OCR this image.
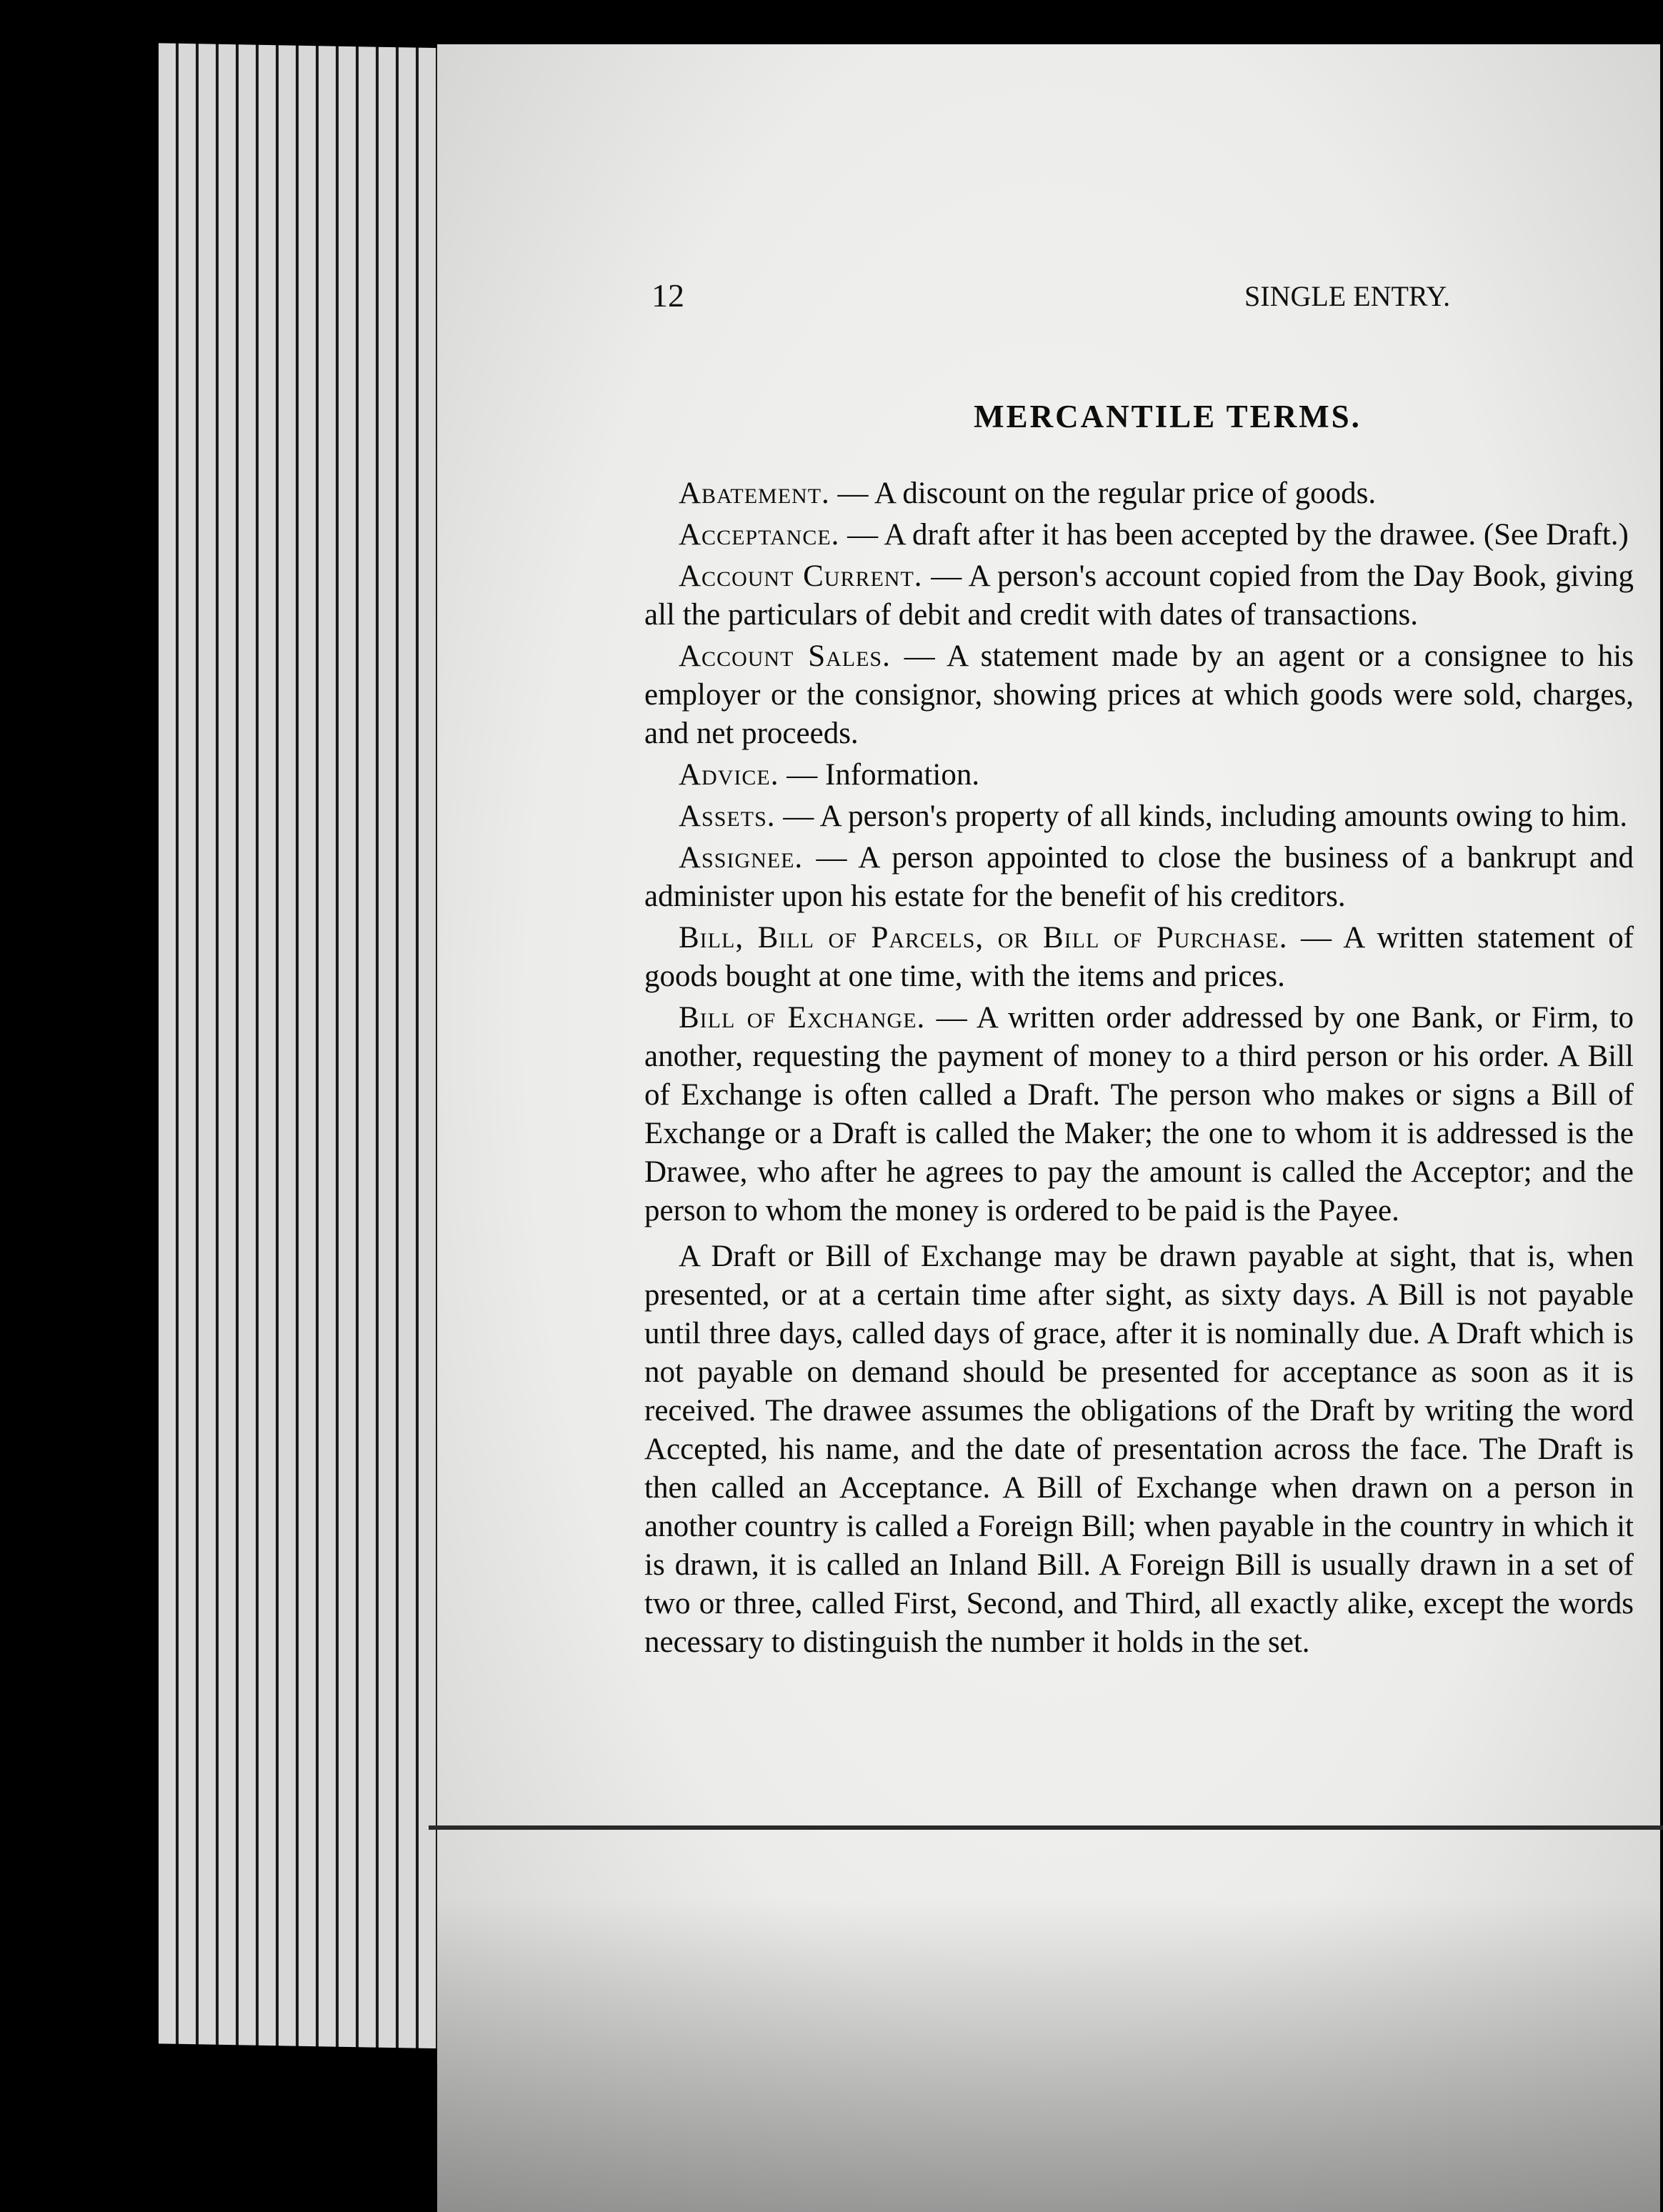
12	SINGLE ENTRY.
MERCANTILE TERMS.

Abatement. — A discount on the regular price of goods.

Acceptance. — A draft after it has been accepted by the drawee. (See Draft.)

Account Current. — A person's account copied from the Day Book, giving all the particulars of debit and credit with dates of transactions.

Account Sales. — A statement made by an agent or a consignee to his employer or the consignor, showing prices at which goods were sold, charges, and net proceeds.

Advice. — Information.

Assets. — A person's property of all kinds, including amounts owing to him.

Assignee. — A person appointed to close the business of a bankrupt and administer upon his estate for the benefit of his creditors.

Bill, Bill of Parcels, or Bill of Purchase. — A written statement of goods bought at one time, with the items and prices.

Bill of Exchange. — A written order addressed by one Bank, or Firm, to another, requesting the payment of money to a third person or his order. A Bill of Exchange is often called a Draft. The person who makes or signs a Bill of Exchange or a Draft is called the Maker; the one to whom it is addressed is the Drawee, who after he agrees to pay the amount is called the Acceptor; and the person to whom the money is ordered to be paid is the Payee.

A Draft or Bill of Exchange may be drawn payable at sight, that is, when presented, or at a certain time after sight, as sixty days. A Bill is not payable until three days, called days of grace, after it is nominally due. A Draft which is not payable on demand should be presented for acceptance as soon as it is received. The drawee assumes the obligations of the Draft by writing the word Accepted, his name, and the date of presentation across the face. The Draft is then called an Acceptance. A Bill of Exchange when drawn on a person in another country is called a Foreign Bill; when payable in the country in which it is drawn, it is called an Inland Bill. A Foreign Bill is usually drawn in a set of two or three, called First, Second, and Third, all exactly alike, except the words necessary to distinguish the number it holds in the set.
